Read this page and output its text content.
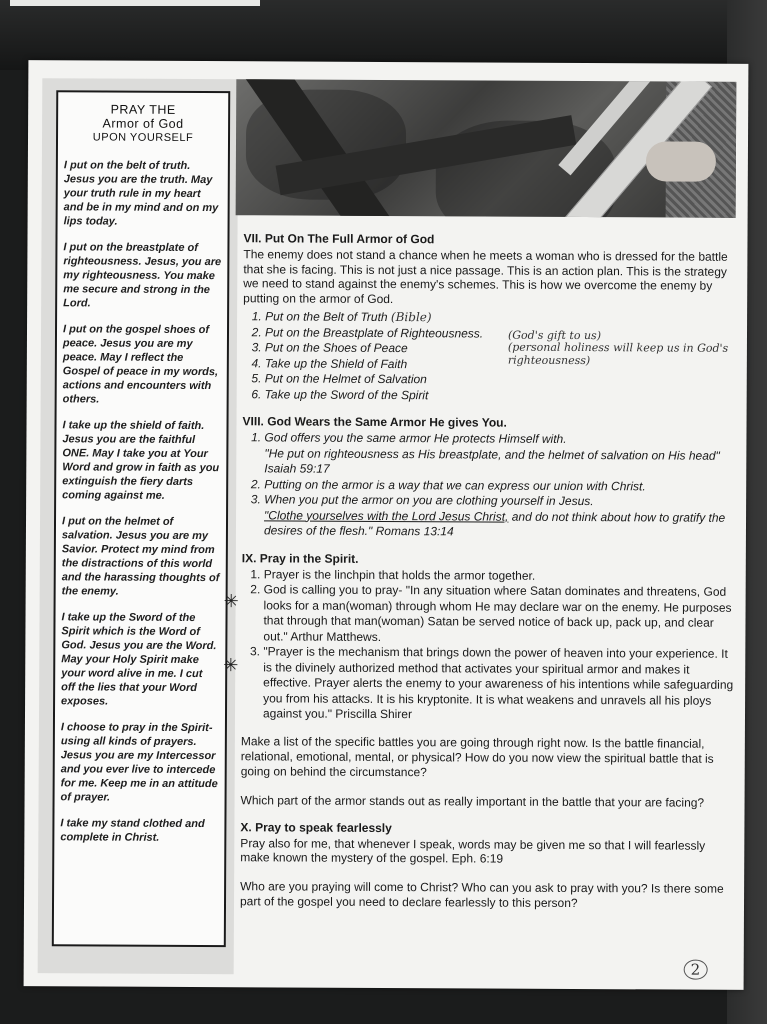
PRAY THE
Armor of God
UPON YOURSELF

I put on the belt of truth. Jesus you are the truth. May your truth rule in my heart and be in my mind and on my lips today.

I put on the breastplate of righteousness. Jesus, you are my righteousness. You make me secure and strong in the Lord.

I put on the gospel shoes of peace. Jesus you are my peace. May I reflect the Gospel of peace in my words, actions and encounters with others.

I take up the shield of faith. Jesus you are the faithful ONE. May I take you at Your Word and grow in faith as you extinguish the fiery darts coming against me.

I put on the helmet of salvation. Jesus you are my Savior. Protect my mind from the distractions of this world and the harassing thoughts of the enemy.

I take up the Sword of the Spirit which is the Word of God. Jesus you are the Word. May your Holy Spirit make your word alive in me. I cut off the lies that your Word exposes.

I choose to pray in the Spirit-using all kinds of prayers. Jesus you are my Intercessor and you ever live to intercede for me. Keep me in an attitude of prayer.

I take my stand clothed and complete in Christ.

VII. Put On The Full Armor of God

The enemy does not stand a chance when he meets a woman who is dressed for the battle that she is facing. This is not just a nice passage. This is an action plan. This is the strategy we need to stand against the enemy's schemes. This is how we overcome the enemy by putting on the armor of God.

1. Put on the Belt of Truth (Bible)
2. Put on the Breastplate of Righteousness.
3. Put on the Shoes of Peace
4. Take up the Shield of Faith
5. Put on the Helmet of Salvation
6. Take up the Sword of the Spirit
(God's gift to us)
(personal holiness will keep us in God's righteousness)
VIII. God Wears the Same Armor He gives You.
1. God offers you the same armor He protects Himself with.
"He put on righteousness as His breastplate, and the helmet of salvation on His head" Isaiah 59:17
2. Putting on the armor is a way that we can express our union with Christ.
3. When you put the armor on you are clothing yourself in Jesus.
"Clothe yourselves with the Lord Jesus Christ, and do not think about how to gratify the desires of the flesh." Romans 13:14
IX. Pray in the Spirit.
1. Prayer is the linchpin that holds the armor together.
2. God is calling you to pray- "In any situation where Satan dominates and threatens, God looks for a man(woman) through whom He may declare war on the enemy. He purposes that through that man(woman) Satan be served notice of back up, pack up, and clear out." Arthur Matthews.
3. "Prayer is the mechanism that brings down the power of heaven into your experience. It is the divinely authorized method that activates your spiritual armor and makes it effective. Prayer alerts the enemy to your awareness of his intentions while safeguarding you from his attacks. It is his kryptonite. It is what weakens and unravels all his ploys against you." Priscilla Shirer
✳
✳

Make a list of the specific battles you are going through right now. Is the battle financial, relational, emotional, mental, or physical? How do you now view the spiritual battle that is going on behind the circumstance?

Which part of the armor stands out as really important in the battle that your are facing?

X. Pray to speak fearlessly

Pray also for me, that whenever I speak, words may be given me so that I will fearlessly make known the mystery of the gospel. Eph. 6:19

Who are you praying will come to Christ? Who can you ask to pray with you? Is there some part of the gospel you need to declare fearlessly to this person?

2
